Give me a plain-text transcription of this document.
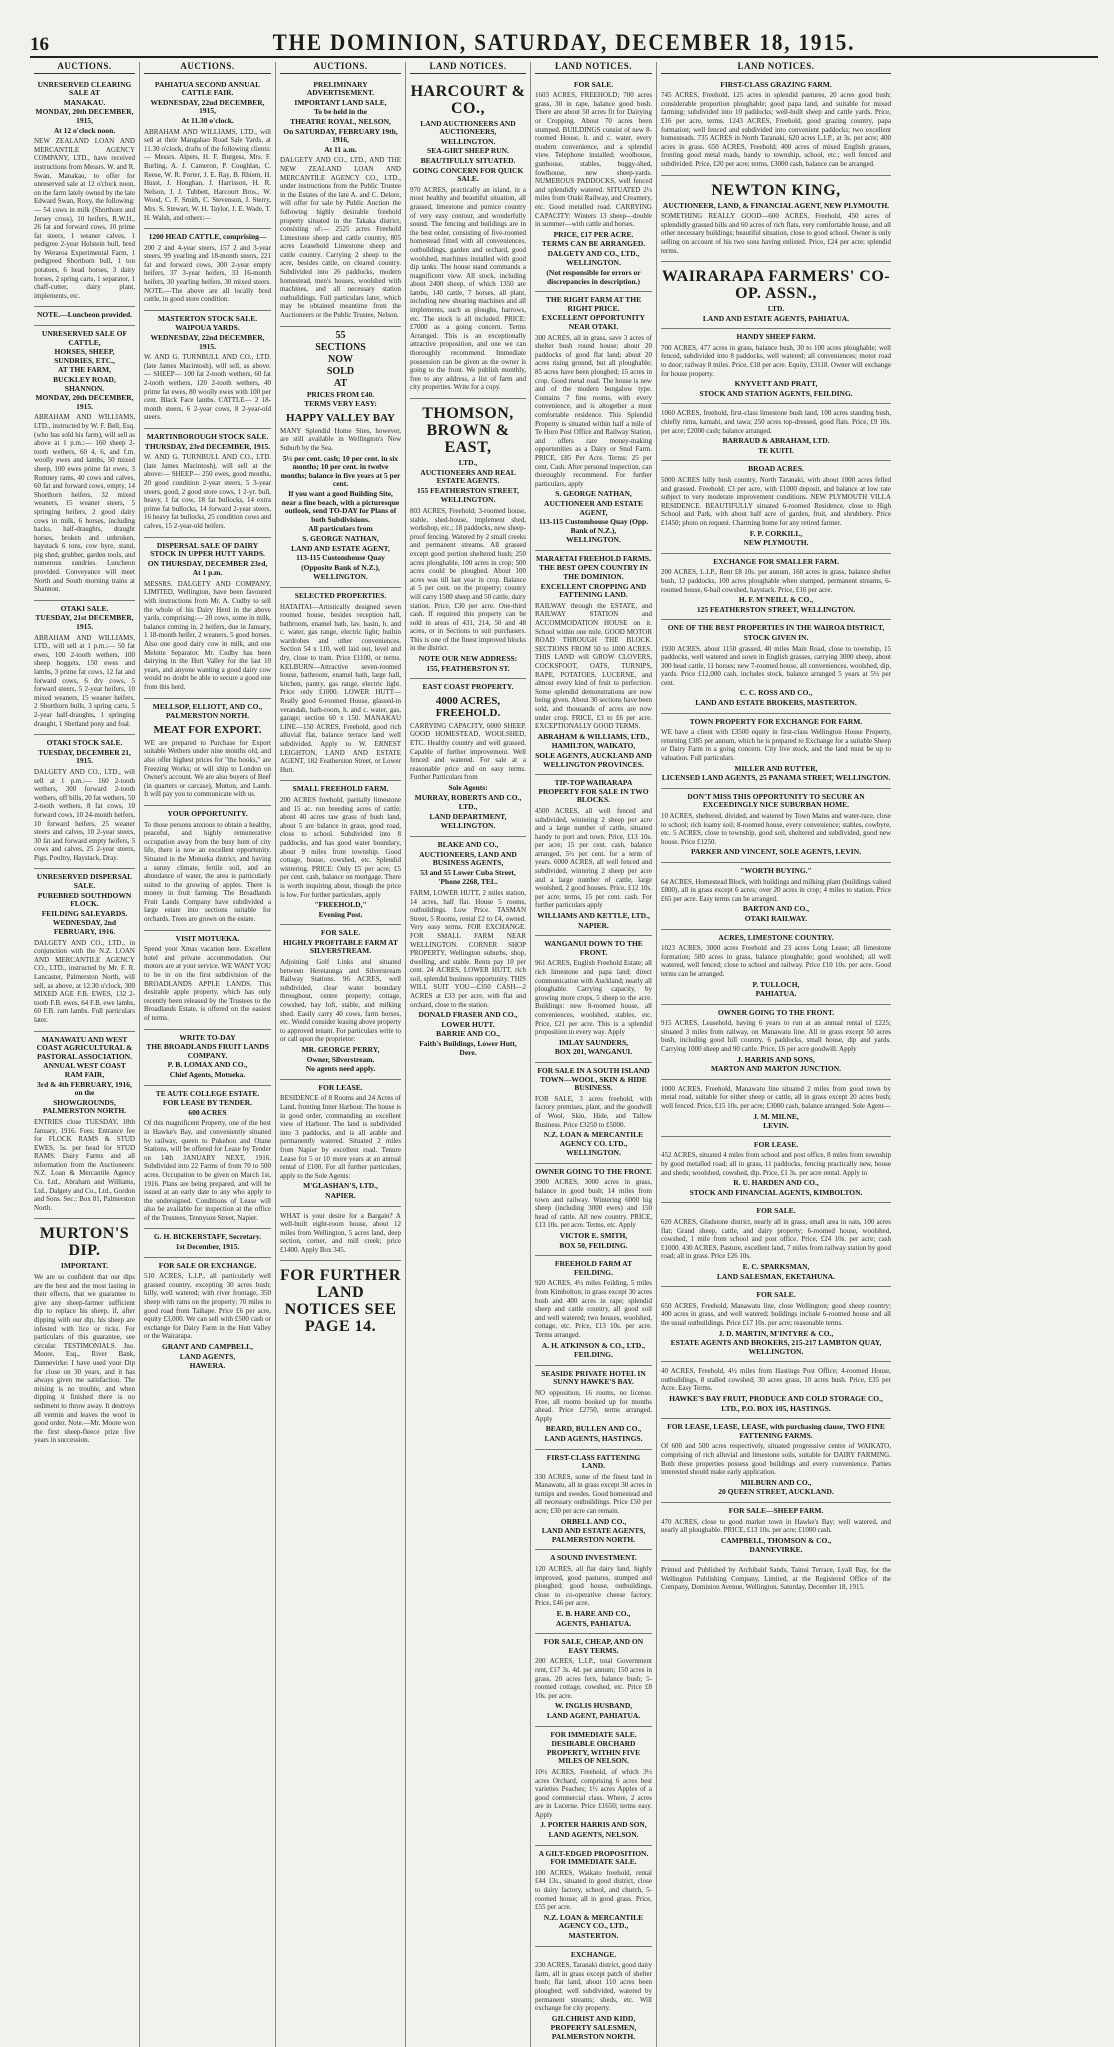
16	THE DOMINION, SATURDAY, DECEMBER 18, 1915.
AUCTIONS.
UNRESERVED CLEARING SALE AT
MANAKAU.
MONDAY, 20th DECEMBER, 1915,
At 12 o'clock noon.
NEW ZEALAND LOAN AND MERCANTILE AGENCY COMPANY, LTD., have received instructions from Messrs. W. and R. Swan, Manakau, to offer for unreserved sale at 12 o'clock noon, on the farm lately owned by the late Edward Swan, Roxy, the following:— 54 cows in milk (Shorthorn and Jersey cross), 10 heifers, R.W.H., 26 fat and forward cows, 10 prime fat steers, 1 weaner calves, 1 pedigree 2-year Holstein bull, bred by Weraroa Experimental Farm, 1 pedigreed Shorthorn bull, 1 ton potatoes, 6 head horses, 3 dairy horses, 2 spring carts, 1 separator, 1 chaff-cutter, dairy plant, implements, etc.
NOTE.—Luncheon provided.
UNRESERVED SALE OF CATTLE,
HORSES, SHEEP, SUNDRIES, ETC.,
AT THE FARM,
BUCKLEY ROAD, SHANNON.
MONDAY, 20th DECEMBER, 1915.
ABRAHAM AND WILLIAMS, LTD., instructed by W. F. Bell, Esq. (who has sold his farm), will sell as above at 1 p.m.:— 160 sheep 2-tooth wethers, 60 4, 6, and f.m. woolly ewes and lambs, 50 mixed sheep, 100 ewes prime fat ewes, 3 Romney rams, 40 cows and calves, 60 fat and forward cows, empty, 14 Shorthorn heifers, 32 mixed weaners, 15 weaner steers, 5 springing heifers, 2 good dairy cows in milk, 6 horses, including hacks, half-draughts, draught horses, broken and unbroken, haystack 6 tons, cow byre, stand, pig shed, grubber, garden tools, and numerous sundries. Luncheon provided. Conveyance will meet North and South morning trains at Shannon.
OTAKI SALE.
TUESDAY, 21st DECEMBER, 1915.
ABRAHAM AND WILLIAMS, LTD., will sell at 1 p.m.:— 50 fat ewes, 100 2-tooth wethers, 100 sheep hoggets, 150 ewes and lambs, 3 prime fat cows, 12 fat and forward cows, 6 dry cows, 5 forward steers, 5 2-year heifers, 10 mixed weaners, 15 weaner heifers, 2 Shorthorn bulls, 3 spring carts, 5 2-year half-draughts, 1 springing draught, 1 Shetland pony and foal.
OTAKI STOCK SALE.
TUESDAY, DECEMBER 21, 1915.
DALGETY AND CO., LTD., will sell at 1 p.m.:— 160 2-tooth wethers, 300 forward 2-tooth wethers, off bills, 20 fat wethers, 50 2-tooth wethers, 8 fat cows, 10 forward cows, 10 24-month heifers, 10 forward heifers, 25 weaner steers and calves, 10 2-year steers, 30 fat and forward empty heifers, 5 cows and calves, 25 2-year steers, Pigs, Poultry, Haystack, Dray.
UNRESERVED DISPERSAL SALE.
PUREBRED SOUTHDOWN FLOCK.
FEILDING SALEYARDS.
WEDNESDAY, 2nd FEBRUARY, 1916.
DALGETY AND CO., LTD., in conjunction with the N.Z. LOAN AND MERCANTILE AGENCY CO., LTD., instructed by Mr. F. R. Lancaster, Palmerston North, will sell, as above, at 12.30 o'clock, 300 MIXED AGE F.B. EWES, 132 2-tooth F.B. ewes, 64 F.B. ewe lambs, 60 F.B. ram lambs. Full particulars later.
MANAWATU AND WEST COAST AGRICULTURAL & PASTORAL ASSOCIATION.
ANNUAL WEST COAST RAM FAIR,
3rd & 4th FEBRUARY, 1916, on the
SHOWGROUNDS, PALMERSTON NORTH.
ENTRIES close TUESDAY, 18th January, 1916. Fees: Entrance fee for FLOCK RAMS & STUD EWES, 5s. per head for STUD RAMS. Dairy Farms and all information from the Auctioneers: N.Z. Loan & Mercantile Agency Co. Ltd., Abraham and Williams, Ltd., Dalgety and Co., Ltd., Gordon and Sons. Sec.: Box 81, Palmerston North.
MURTON'S DIP.
IMPORTANT.
We are so confident that our dips are the best and the most lasting in their effects, that we guarantee to give any sheep-farmer sufficient dip to replace his sheep, if, after dipping with our dip, his sheep are infested with lice or ticks. For particulars of this guarantee, see circular. TESTIMONIALS. Jno. Moore, Esq., River Bank, Dannevirke: I have used your Dip for close on 30 years, and it has always given me satisfaction. The mixing is no trouble, and when dipping it finished there is no sediment to throw away. It destroys all vermin and leaves the wool in good order. Note.—Mr. Moore won the first sheep-fleece prize five years in succession.
AUCTIONS.
PAHIATUA SECOND ANNUAL CATTLE FAIR.
WEDNESDAY, 22nd DECEMBER, 1915,
At 11.30 o'clock.
ABRAHAM AND WILLIAMS, LTD., will sell at their Mangahao Road Sale Yards, at 11.30 o'clock, drafts of the following clients:— Messrs. Alpers, H. F. Burgess, Mrs. F. Burling, A. J. Cameron, P. Coughlan, C. Reese, W. R. Porter, J. E. Ray, B. Rhiem, H. Husst, J. Houghan, J. Harrisson, H. R. Nelson, J. J. Tubbett, Harcourt Bros., W. Wood, C. F. Smith, C. Stevenson, J. Sterry, Mrs. S. Stewart, W. H. Taylor, J. E. Wade, T. H. Walsh, and others:—
1200 HEAD CATTLE, comprising—
200 2 and 4-year steers, 157 2 and 3-year steers, 99 yearling and 18-month steers, 221 fat and forward cows, 300 2-year empty heifers, 37 3-year heifers, 33 16-month heifers, 30 yearling heifers, 30 mixed steers. NOTE.—The above are all locally bred cattle, in good store condition.
MASTERTON STOCK SALE.
WAIPOUA YARDS.
WEDNESDAY, 22nd DECEMBER, 1915.
W. AND G. TURNBULL AND CO., LTD. (late James Macintosh), will sell, as above:— SHEEP— 100 fat 2-tooth wethers, 60 fat 2-tooth wethers, 120 2-tooth wethers, 40 prime fat ewes, 80 woolly ewes with 100 per cent. Black Face lambs. CATTLE— 2 18-month steers, 6 2-year cows, 8 2-year-old steers.
MARTINBOROUGH STOCK SALE.
THURSDAY, 23rd DECEMBER, 1915.
W. AND G. TURNBULL AND CO., LTD. (late James Macintosh), will sell at the above:— SHEEP— 250 ewes, good mouths, 20 good condition 2-year steers, 5 3-year steers, good, 2 good store cows, 1 2-yr. bull, heavy, 1 fat cow, 18 fat bullocks, 14 extra prime fat bullocks, 14 forward 2-year steers, 16 heavy fat bullocks, 25 condition cows and calves, 15 2-year-old heifers.
DISPERSAL SALE OF DAIRY STOCK IN UPPER HUTT YARDS.
ON THURSDAY, DECEMBER 23rd,
At 1 p.m.
MESSRS. DALGETY AND COMPANY, LIMITED, Wellington, have been favoured with instructions from Mr. A. Cudby to sell the whole of his Dairy Herd in the above yards, comprising:— 20 cows, some in milk, balance coming in, 2 heifers, due in January, 1 18-month heifer, 2 weaners, 5 good horses. Also one good dairy cow in milk, and one Melotte Separator. Mr. Cudby has been dairying in the Hutt Valley for the last 10 years, and anyone wanting a good dairy cow would no doubt be able to secure a good one from this herd.
MELLSOP, ELLIOTT, AND CO.,
PALMERSTON NORTH.
MEAT FOR EXPORT.
WE are prepared to Purchase for Export suitable Wethers under nine months old, and also offer highest prices for "the hooks," are Freezing Works; or will ship to London on Owner's account. We are also buyers of Beef (in quarters or carcase), Mutton, and Lamb. It will pay you to communicate with us.
YOUR OPPORTUNITY.
To those persons anxious to obtain a healthy, peaceful, and highly remunerative occupation away from the busy hum of city life, there is now an excellent opportunity. Situated in the Motueka district, and having a sunny climate, fertile soil, and an abundance of water, the area is particularly suited to the growing of apples. There is money in fruit farming. The Broadlands Fruit Lands Company have subdivided a large estate into sections suitable for orchards. Trees are grown on the estate.
VISIT MOTUEKA.
Spend your Xmas vacation here. Excellent hotel and private accommodation. Our motors are at your service. WE WANT YOU to be in on the first subdivision of the BROADLANDS APPLE LANDS. This desirable apple property, which has only recently been released by the Trustees to the Broadlands Estate, is offered on the easiest of terms.
WRITE TO-DAY
THE BROADLANDS FRUIT LANDS COMPANY.
P. B. LOMAX AND CO.,
Chief Agents, Motueka.
TE AUTE COLLEGE ESTATE.
FOR LEASE BY TENDER.
600 ACRES
Of this magnificent Property, one of the best in Hawke's Bay, and conveniently situated by railway, queen to Pukehou and Otane Stations, will be offered for Lease by Tender on 14th JANUARY NEXT, 1916. Subdivided into 22 Farms of from 70 to 500 acres. Occupation to be given on March 1st, 1916. Plans are being prepared, and will be issued at an early date to any who apply to the undersigned. Conditions of Lease will also be available for inspection at the office of the Trustees, Tennyson Street, Napier.
G. H. BICKERSTAFF, Secretary.
1st December, 1915.
FOR SALE OR EXCHANGE.
510 ACRES, L.I.P., all particularly well grassed country, excepting 30 acres bush; hilly, well watered; with river frontage, 350 sheep with rams on the property; 70 miles to good road from Taihape. Price £6 per acre, equity £3,000. We can sell with £500 cash or exchange for Dairy Farm in the Hutt Valley or the Wairarapa.
GRANT AND CAMPBELL,
LAND AGENTS,
HAWERA.
AUCTIONS.
PRELIMINARY ADVERTISEMENT.
IMPORTANT LAND SALE,
To be held in the
THEATRE ROYAL, NELSON,
On SATURDAY, FEBRUARY 19th, 1916,
At 11 a.m.
DALGETY AND CO., LTD., AND THE NEW ZEALAND LOAN AND MERCANTILE AGENCY CO., LTD., under instructions from the Public Trustee in the Estates of the late A. and C. Delore, will offer for sale by Public Auction the following highly desirable freehold property situated in the Takaka district, consisting of:— 2525 acres Freehold Limestone sheep and cattle country, 805 acres Leasehold Limestone sheep and cattle country. Carrying 2 sheep to the acre, besides cattle, on cleared country. Subdivided into 26 paddocks, modern homestead, men's houses, woolshed with machines, and all necessary station outbuildings. Full particulars later, which may be obtained meantime from the Auctioneers or the Public Trustee, Nelson.
55
SECTIONS
NOW
SOLD
AT
PRICES FROM £40.
TERMS VERY EASY:
HAPPY VALLEY BAY
MANY Splendid Home Sites, however, are still available in Wellington's New Suburb by the Sea.
5½ per cent. cash; 10 per cent. in six months; 10 per cent. in twelve months; balance in five years at 5 per cent.
If you want a good Building Site, near a fine beach, with a picturesque outlook, send TO-DAY for Plans of both Subdivisions.
All particulars from
S. GEORGE NATHAN,
LAND AND ESTATE AGENT,
113-115 Customhouse Quay
(Opposite Bank of N.Z.),
WELLINGTON.
SELECTED PROPERTIES.
HATAITAI—Artistically designed seven roomed house, besides reception hall, bathroom, enamel bath, lav. basin, h. and c. water, gas range, electric light; builtin wardrobes and other conveniences. Section 54 x 110, well laid out, level and dry, close to tram. Price £1100, or terms. KELBURN—Attractive seven-roomed house, bathroom, enamel bath, large hall, kitchen, pantry, gas range, electric light. Price only £1000. LOWER HUTT—Really good 6-roomed House, glassed-in verandah, bath-room, h. and c. water, gas, garage; section 60 x 150. MANAKAU LINE—150 ACRES, Freehold, good rich alluvial flat, balance terrace land well subdivided. Apply to W. ERNEST LEIGHTON, LAND AND ESTATE AGENT, 182 Featherston Street, or Lower Hutt.
SMALL FREEHOLD FARM.
200 ACRES freehold, partially limestone and 15 ac. run breeding acres of cattle; about 40 acres taw grass of bush land, about 5 are balance in grass, good road, close to school. Subdivided into 8 paddocks, and has good water boundary, about 9 miles from township. Good cottage, house, cowshed, etc. Splendid wintering. PRICE: Only £5 per acre; £5 per cent. cash, balance on mortgage. There is worth inquiring about, though the price is low. For further particulars, apply
"FREEHOLD,"
Evening Post.
FOR SALE.
HIGHLY PROFITABLE FARM AT SILVERSTREAM.
Adjoining Golf Links and situated between Heretaunga and Silverstream Railway Stations. 96 ACRES, well subdivided, clear water boundary throughout, centre property; cottage, cowshed, hay loft, stable, and milking shed. Easily carry 40 cows, farm horses, etc. Would consider leasing above property to approved tenant. For particulars write to or call upon the proprietor:
MR. GEORGE PERRY,
Owner, Silverstream.
No agents need apply.
FOR LEASE.
RESIDENCE of 8 Rooms and 24 Acres of Land, fronting Inner Harbour. The house is in good order, commanding an excellent view of Harbour. The land is subdivided into 3 paddocks, and is all arable and permanently watered. Situated 2 miles from Napier by excellent road. Tenure Lease for 5 or 10 more years at an annual rental of £100. For all further particulars, apply to the Sole Agents:
M'GLASHAN'S, LTD.,
NAPIER.
WHAT is your desire for a Bargain? A well-built eight-room house, about 12 miles from Wellington, 5 acres land, deep section, corner, and mill creek; price £1400. Apply Box 345.
FOR FURTHER LAND NOTICES SEE PAGE 14.
LAND NOTICES.
HARCOURT & CO.,
LAND AUCTIONEERS AND AUCTIONEERS,
WELLINGTON.
SEA-GIRT SHEEP RUN.
BEAUTIFULLY SITUATED.
GOING CONCERN FOR QUICK SALE.
970 ACRES, practically an island, in a most healthy and beautiful situation, all grassed, limestone and pumice country of very easy contour, and wonderfully sound. The fencing and buildings are in the best order, consisting of five-roomed homestead fitted with all conveniences, outbuildings, garden and orchard, good woolshed, machines installed with good dip tanks. The house stand commands a magnificent view. All stock, including about 2400 sheep, of which 1350 are lambs, 140 cattle, 7 horses, all plant, including new shearing machines and all implements, such as ploughs, harrows, etc. The stock is all included. PRICE: £7000 as a going concern. Terms Arranged. This is an exceptionally attractive proposition, and one we can thoroughly recommend. Immediate possession can be given as the owner is going to the front. We publish monthly, free to any address, a list of farm and city properties. Write for a copy.
THOMSON, BROWN & EAST,
LTD.,
AUCTIONEERS AND REAL ESTATE AGENTS.
155 FEATHERSTON STREET,
WELLINGTON.
803 ACRES, Freehold; 3-roomed house, stable, shed-house, implement shed, workshop, etc.; 18 paddocks, new sheep-proof fencing. Watered by 2 small creeks and permanent streams. All grassed except good portion sheltered bush; 250 acres ploughable, 100 acres in crop; 500 acres could be ploughed. About 100 acres was till last year in crop. Balance at 5 per cent. on the property; country will carry 1500 sheep and 50 cattle, dairy station. Price, £30 per acre. One-third cash. If required this property can be sold in areas of 431, 214, 50 and 48 acres, or in Sections to suit purchasers. This is one of the finest improved blocks in the district.
NOTE OUR NEW ADDRESS:
155, FEATHERSTON ST.
EAST COAST PROPERTY.
4000 ACRES, FREEHOLD.
CARRYING CAPACITY, 6000 SHEEP. GOOD HOMESTEAD, WOOLSHED, ETC. Healthy country and well grassed. Capable of further improvement. Well fenced and watered. For sale at a reasonable price and on easy terms. Further Particulars from
Sole Agents:
MURRAY, ROBERTS AND CO.,
LTD.,
LAND DEPARTMENT,
WELLINGTON.
BLAKE AND CO.,
AUCTIONEERS, LAND AND BUSINESS AGENTS,
53 and 55 Lower Cuba Street,
'Phone 2268, TEL.
FARM, LOWER HUTT, 2 miles station, 14 acres, half flat. House 5 rooms, outbuildings. Low Price. TASMAN Street, 5 Rooms, rental £2 to £4, owned. Very easy terms. FOR EXCHANGE. FOR SMALL FARM NEAR WELLINGTON. CORNER SHOP PROPERTY, Wellington suburbs, shop, dwelling, and stable. Rents pay 10 per cent. 24 ACRES, LOWER HUTT, rich soil, splendid business opportunity. THIS WILL SUIT YOU—£350 CASH—2 ACRES at £33 per acre, with flat and orchard, close to the station.
DONALD FRASER AND CO.,
LOWER HUTT.
BARRIE AND CO.,
Faith's Buildings, Lower Hutt, Dere.
LAND NOTICES.
FOR SALE.
1603 ACRES, FREEHOLD; 700 acres grass, 30 in rape, balance good bush. There are about 50 acres fit for Dairying or Cropping. About 70 acres been stumped. BUILDINGS consist of new 8-roomed House, h. and c. water, every modern convenience, and a splendid view. Telephone installed; woolhouse, gunhouse, stables, buggy-shed, fowlhouse, new sheep-yards. NUMEROUS PADDOCKS, well fenced and splendidly watered. SITUATED 2½ miles from Otaki Railway, and Creamery, etc. Good metalled road. CARRYING CAPACITY: Winters 13 sheep—double in summer—with cattle and horses.
PRICE, £17 PER ACRE.
TERMS CAN BE ARRANGED.
DALGETY AND CO., LTD.,
WELLINGTON.
(Not responsible for errors or discrepancies in description.)
THE RIGHT FARM AT THE RIGHT PRICE.
EXCELLENT OPPORTUNITY NEAR OTAKI.
300 ACRES, all in grass, save 3 acres of shelter bush round house; about 20 paddocks of good flat land; about 20 acres rising ground, but all ploughable; 85 acres have been ploughed; 15 acres in crop. Good metal road. The house is new and of the modern bungalow type. Contains 7 fine rooms, with every convenience, and is altogether a most comfortable residence. This Splendid Property is situated within half a mile of Te Horo Post Office and Railway Station, and offers rare money-making opportunities as a Dairy or Stud Farm. PRICE, £85 Per Acre. Terms: 25 per cent. Cash. After personal inspection, can thoroughly recommend. For further particulars, apply
S. GEORGE NATHAN,
AUCTIONEER AND ESTATE AGENT,
113-115 Customhouse Quay (Opp. Bank of N.Z.),
WELLINGTON.
MARAETAI FREEHOLD FARMS.
THE BEST OPEN COUNTRY IN THE DOMINION.
EXCELLENT CROPPING AND FATTENING LAND.
RAILWAY through the ESTATE, and RAILWAY STATION and ACCOMMODATION HOUSE on it. School within one mile. GOOD MOTOR ROAD THROUGH THE BLOCK. SECTIONS FROM 50 to 1000 ACRES. THIS LAND will GROW CLOVERS, COCKSFOOT, OATS, TURNIPS, RAPE, POTATOES, LUCERNE, and almost every kind of fruit to perfection. Some splendid demonstrations are now being given. About 30 sections have been sold, and thousands of acres are now under crop. FRICE, £3 to £6 per acre. EXCEPTIONALLY GOOD TERMS.
ABRAHAM & WILLIAMS, LTD.,
HAMILTON, WAIKATO,
SOLE AGENTS, AUCKLAND AND WELLINGTON PROVINCES.
TIP-TOP WAIRARAPA PROPERTY FOR SALE IN TWO BLOCKS.
4500 ACRES, all well fenced and subdivided, wintering 2 sheep per acre and a large number of cattle, situated handy to port and town. Price, £13 10s. per acre; 15 per cent. cash, balance arranged, 5½ per cent. for a term of years. 6000 ACRES, all well fenced and subdivided, wintering 2 sheep per acre and a large number of cattle, large woolshed, 2 good houses. Price, £12 10s. per acre; terms, 15 per cent. cash. For further particulars apply
WILLIAMS AND KETTLE, LTD.,
NAPIER.
WANGANUI DOWN TO THE FRONT.
961 ACRES, English Freehold Estate; all rich limestone and papa land; direct communication with Auckland; nearly all ploughable. Carrying capacity, by growing more crops, 5 sheep to the acre. Buildings: new 8-roomed house, all conveniences, woolshed, stables, etc. Price, £21 per acre. This is a splendid proposition in every way. Apply
IMLAY SAUNDERS,
BOX 201, WANGANUI.
FOR SALE IN A SOUTH ISLAND TOWN—WOOL, SKIN & HIDE BUSINESS.
FOR SALE, 3 acres freehold, with factory premises, plant, and the goodwill of Wool, Skin, Hide, and Tallow Business. Price £3250 to £5000.
N.Z. LOAN & MERCANTILE AGENCY CO. LTD.,
WELLINGTON.
OWNER GOING TO THE FRONT.
3900 ACRES, 3000 acres in grass, balance in good bush; 14 miles from town and railway. Wintering 6000 big sheep (including 3000 ewes) and 150 head of cattle. All new country. PRICE, £13 10s. per acre. Terms, etc. Apply
VICTOR E. SMITH,
BOX 50, FEILDING.
FREEHOLD FARM AT FEILDING.
920 ACRES, 4½ miles Feilding, 5 miles from Kimbolton; in grass except 30 acres bush and 400 acres in rape; splendid sheep and cattle country, all good soil and well watered; two houses, woolshed, cottage, etc. Price, £13 10s. per acre. Terms arranged.
A. H. ATKINSON & CO., LTD.,
FEILDING.
SEASIDE PRIVATE HOTEL IN SUNNY HAWKE'S BAY.
NO opposition, 16 rooms, no license. Free, all rooms booked up for months ahead. Price £2750, terms arranged. Apply
BEARD, BULLEN AND CO.,
LAND AGENTS, HASTINGS.
FIRST-CLASS FATTENING LAND.
330 ACRES, some of the finest land in Manawatu, all in grass except 30 acres in turnips and swedes. Good homestead and all necessary outbuildings. Price £50 per acre; £30 per acre can remain.
ORBELL AND CO.,
LAND AND ESTATE AGENTS, PALMERSTON NORTH.
A SOUND INVESTMENT.
120 ACRES, all flat dairy land, highly improved, good pastures, stumped and ploughed; good house, outbuildings, close to co-operative cheese factory. Price, £46 per acre.
E. B. HARE AND CO.,
AGENTS, PAHIATUA.
FOR SALE, CHEAP, AND ON EASY TERMS.
200 ACRES, L.I.P., total Government rent, £17 3s. 4d. per annum; 150 acres in grass, 20 acres fern, balance bush; 5-roomed cottage, cowshed, etc. Price £8 10s. per acre.
W. INGLIS HUSBAND,
LAND AGENT, PAHIATUA.
FOR IMMEDIATE SALE.
DESIRABLE ORCHARD PROPERTY, WITHIN FIVE MILES OF NELSON.
10½ ACRES, Freehold, of which 3½ acres Orchard, comprising 6 acres best varieties Peaches; 1½ acres Apples of a good commercial class. Where, 2 acres are in Lucerne. Price £1650; terms easy. Apply
J. PORTER HARRIS AND SON,
LAND AGENTS, NELSON.
A GILT-EDGED PROPOSITION. FOR IMMEDIATE SALE.
100 ACRES, Waikato freehold, rental £44 13s., situated in good district, close to dairy factory, school, and church, 5-roomed house; all in good grass. Price, £55 per acre.
N.Z. LOAN & MERCANTILE AGENCY CO., LTD.,
MASTERTON.
EXCHANGE.
230 ACRES, Taranaki district, good dairy farm, all in grass except patch of shelter bush; flat land, about 110 acres been ploughed; well subdivided, watered by permanent streams; sheds, etc. Will exchange for city property.
GILCHRIST AND KIDD,
PROPERTY SALESMEN, PALMERSTON NORTH.
LAND NOTICES.
FIRST-CLASS GRAZING FARM.
745 ACRES, Freehold, 125 acres in splendid pastures, 20 acres good bush; considerable proportion ploughable; good papa land, and suitable for mixed farming; subdivided into 10 paddocks; well-built sheep and cattle yards. Price, £16 per acre, terms. 1243 ACRES, Freehold, good grazing country, papa formation; well fenced and subdivided into convenient paddocks; two excellent homesteads. 735 ACRES in North Taranaki, 620 acres L.I.P., at 3s. per acre; 400 acres in grass. 650 ACRES, Freehold; 400 acres of mixed English grasses, fronting good metal roads, handy to township, school, etc.; well fenced and subdivided. Price, £20 per acre; terms, £3000 cash, balance can be arranged.
NEWTON KING,
AUCTIONEER, LAND, & FINANCIAL AGENT, NEW PLYMOUTH.
SOMETHING REALLY GOOD—600 ACRES, Freehold, 450 acres of splendidly grassed hills and 60 acres of rich flats, very comfortable house, and all other necessary buildings; beautiful situation, close to good school. Owner is only selling on account of his two sons having enlisted. Price, £24 per acre; splendid terms.
WAIRARAPA FARMERS' CO-OP. ASSN.,
LTD.
LAND AND ESTATE AGENTS, PAHIATUA.
HANDY SHEEP FARM.
700 ACRES, 477 acres in grass, balance bush, 30 to 100 acres ploughable; well fenced, subdivided into 8 paddocks, well watered; all conveniences; motor road to door; railway 8 miles. Price, £18 per acre. Equity, £3118. Owner will exchange for house property.
KNYVETT AND PRATT,
STOCK AND STATION AGENTS, FEILDING.
1060 ACRES, freehold, first-class limestone bush land, 100 acres standing bush, chiefly rimu, kamahi, and tawa; 250 acres top-dressed, good flats. Price, £9 10s. per acre; £2000 cash; balance arranged.
BARRAUD & ABRAHAM, LTD.
TE KUITI.
BROAD ACRES.
5000 ACRES hilly bush country, North Taranaki, with about 1000 acres felled and grassed. Freehold. £3 per acre, with £1000 deposit, and balance at low rate subject to very moderate improvement conditions. NEW PLYMOUTH VILLA RESIDENCE. BEAUTIFULLY situated 6-roomed Residence, close to High School and Park, with about half acre of garden, fruit, and shrubbery. Price £1450; photo on request. Charming home for any retired farmer.
F. P. CORKILL,
NEW PLYMOUTH.
EXCHANGE FOR SMALLER FARM.
200 ACRES, L.I.P., Rent £8 10s. per annum, 160 acres in grass, balance shelter bush, 12 paddocks, 100 acres ploughable when stumped, permanent streams, 6-roomed house, 6-bail cowshed, haystack. Price, £16 per acre.
H. F. M'NEILL & CO.,
125 FEATHERSTON STREET, WELLINGTON.
ONE OF THE BEST PROPERTIES IN THE WAIROA DISTRICT,
STOCK GIVEN IN.
1930 ACRES, about 1150 grassed, 40 miles Main Road, close to township, 15 paddocks, well watered and sown in English grasses, carrying 3000 sheep, about 300 head cattle, 11 horses; new 7-roomed house, all conveniences, woolshed, dip, yards. Price £12,000 cash, includes stock, balance arranged 5 years at 5½ per cent.
C. C. ROSS AND CO.,
LAND AND ESTATE BROKERS, MASTERTON.
TOWN PROPERTY FOR EXCHANGE FOR FARM.
WE have a client with £3500 equity in first-class Wellington House Property, returning £385 per annum, which he is prepared to Exchange for a suitable Sheep or Dairy Farm in a going concern. City live stock, and the land must be up to valuation. Full particulars.
MILLER AND RUTTER,
LICENSED LAND AGENTS, 25 PANAMA STREET, WELLINGTON.
DON'T MISS THIS OPPORTUNITY TO SECURE AN EXCEEDINGLY NICE SUBURBAN HOME.
10 ACRES, sheltered, divided, and watered by Town Mains and water-race, close to school; rich loamy soil; 8-roomed house, every convenience; stables, cowbyre, etc. 5 ACRES, close to township, good soil, sheltered and subdivided, good new house. Price £1250.
PARKER AND VINCENT, SOLE AGENTS, LEVIN.
"WORTH BUYING."
64 ACRES, Homestead Block, with buildings and milking plant (buildings valued £800), all in grass except 6 acres; over 20 acres in crop; 4 miles to station. Price £65 per acre. Easy terms can be arranged.
BARTON AND CO.,
OTAKI RAILWAY.
ACRES, LIMESTONE COUNTRY.
1023 ACRES, 3000 acres Freehold and 23 acres Long Lease; all limestone formation; 500 acres in grass, balance ploughable; good woolshed; all well watered, well fenced; close to school and railway. Price £10 10s. per acre. Good terms can be arranged.
P. TULLOCH,
PAHIATUA.
OWNER GOING TO THE FRONT.
915 ACRES, Leasehold, having 6 years to run at an annual rental of £225; situated 3 miles from railway, on Manawatu line. All in grass except 50 acres bush, including good hill country, 6 paddocks, small house, dip and yards. Carrying 1000 sheep and 90 cattle. Price, £6 per acre goodwill. Apply
J. HARRIS AND SONS,
MARTON AND MARTON JUNCTION.
1000 ACRES, Freehold, Manawatu line situated 2 miles from good town by metal road, suitable for either sheep or cattle, all in grass except 20 acres bush; well fenced. Price, £15 10s. per acre; £3000 cash, balance arranged. Sole Agent—
J. M. MILNE,
LEVIN.
FOR LEASE.
452 ACRES, situated 4 miles from school and post office, 8 miles from township by good metalled road; all in grass, 11 paddocks, fencing practically new, house and sheds; woolshed, cowshed, dip. Price, £1 3s. per acre rental. Apply to
R. U. HARDEN AND CO.,
STOCK AND FINANCIAL AGENTS, KIMBOLTON.
FOR SALE.
620 ACRES, Gladstone district, nearly all in grass, small area in oats, 100 acres flat; Grand sheep, cattle, and dairy property; 6-roomed house, woolshed, cowshed, 1 mile from school and post office. Price, £24 10s. per acre; cash £1000. 430 ACRES, Pasture, excellent land, 7 miles from railway station by good road; all in grass. Price £26 10s.
E. C. SPARKSMAN,
LAND SALESMAN, EKETAHUNA.
FOR SALE.
650 ACRES, Freehold, Manawatu line, close Wellington; good sheep country; 400 acres in grass, and well watered; buildings include 6-roomed house and all the usual outbuildings. Price £17 10s. per acre; reasonable terms.
J. D. MARTIN, M'INTYRE & CO.,
ESTATE AGENTS AND BROKERS, 215-217 LAMBTON QUAY, WELLINGTON.
40 ACRES, Freehold, 4½ miles from Hastings Post Office; 4-roomed House, outbuildings, 8 stalled cowshed; 30 acres grass, 10 acres bush. Price, £35 per Acre. Easy Terms.
HAWKE'S BAY FRUIT, PRODUCE AND COLD STORAGE CO.,
LTD., P.O. BOX 105, HASTINGS.
FOR LEASE, LEASE, LEASE, with purchasing clause, TWO FINE FATTENING FARMS.
Of 600 and 500 acres respectively, situated progressive centre of WAIKATO, comprising of rich alluvial and limestone soils, suitable for DAIRY FARMING. Both these properties possess good buildings and every convenience. Parties interested should make early application.
MILBURN AND CO.,
20 QUEEN STREET, AUCKLAND.
FOR SALE—SHEEP FARM.
470 ACRES, close to good market town in Hawke's Bay; well watered, and nearly all ploughable. PRICE, £13 10s. per acre; £1000 cash.
CAMPBELL, THOMSON & CO.,
DANNEVIRKE.
Printed and Published by Archibald Sands, Tainui Terrace, Lyall Bay, for the Wellington Publishing Company, Limited, at the Registered Office of the Company, Dominion Avenue, Wellington, Saturday, December 18, 1915.
